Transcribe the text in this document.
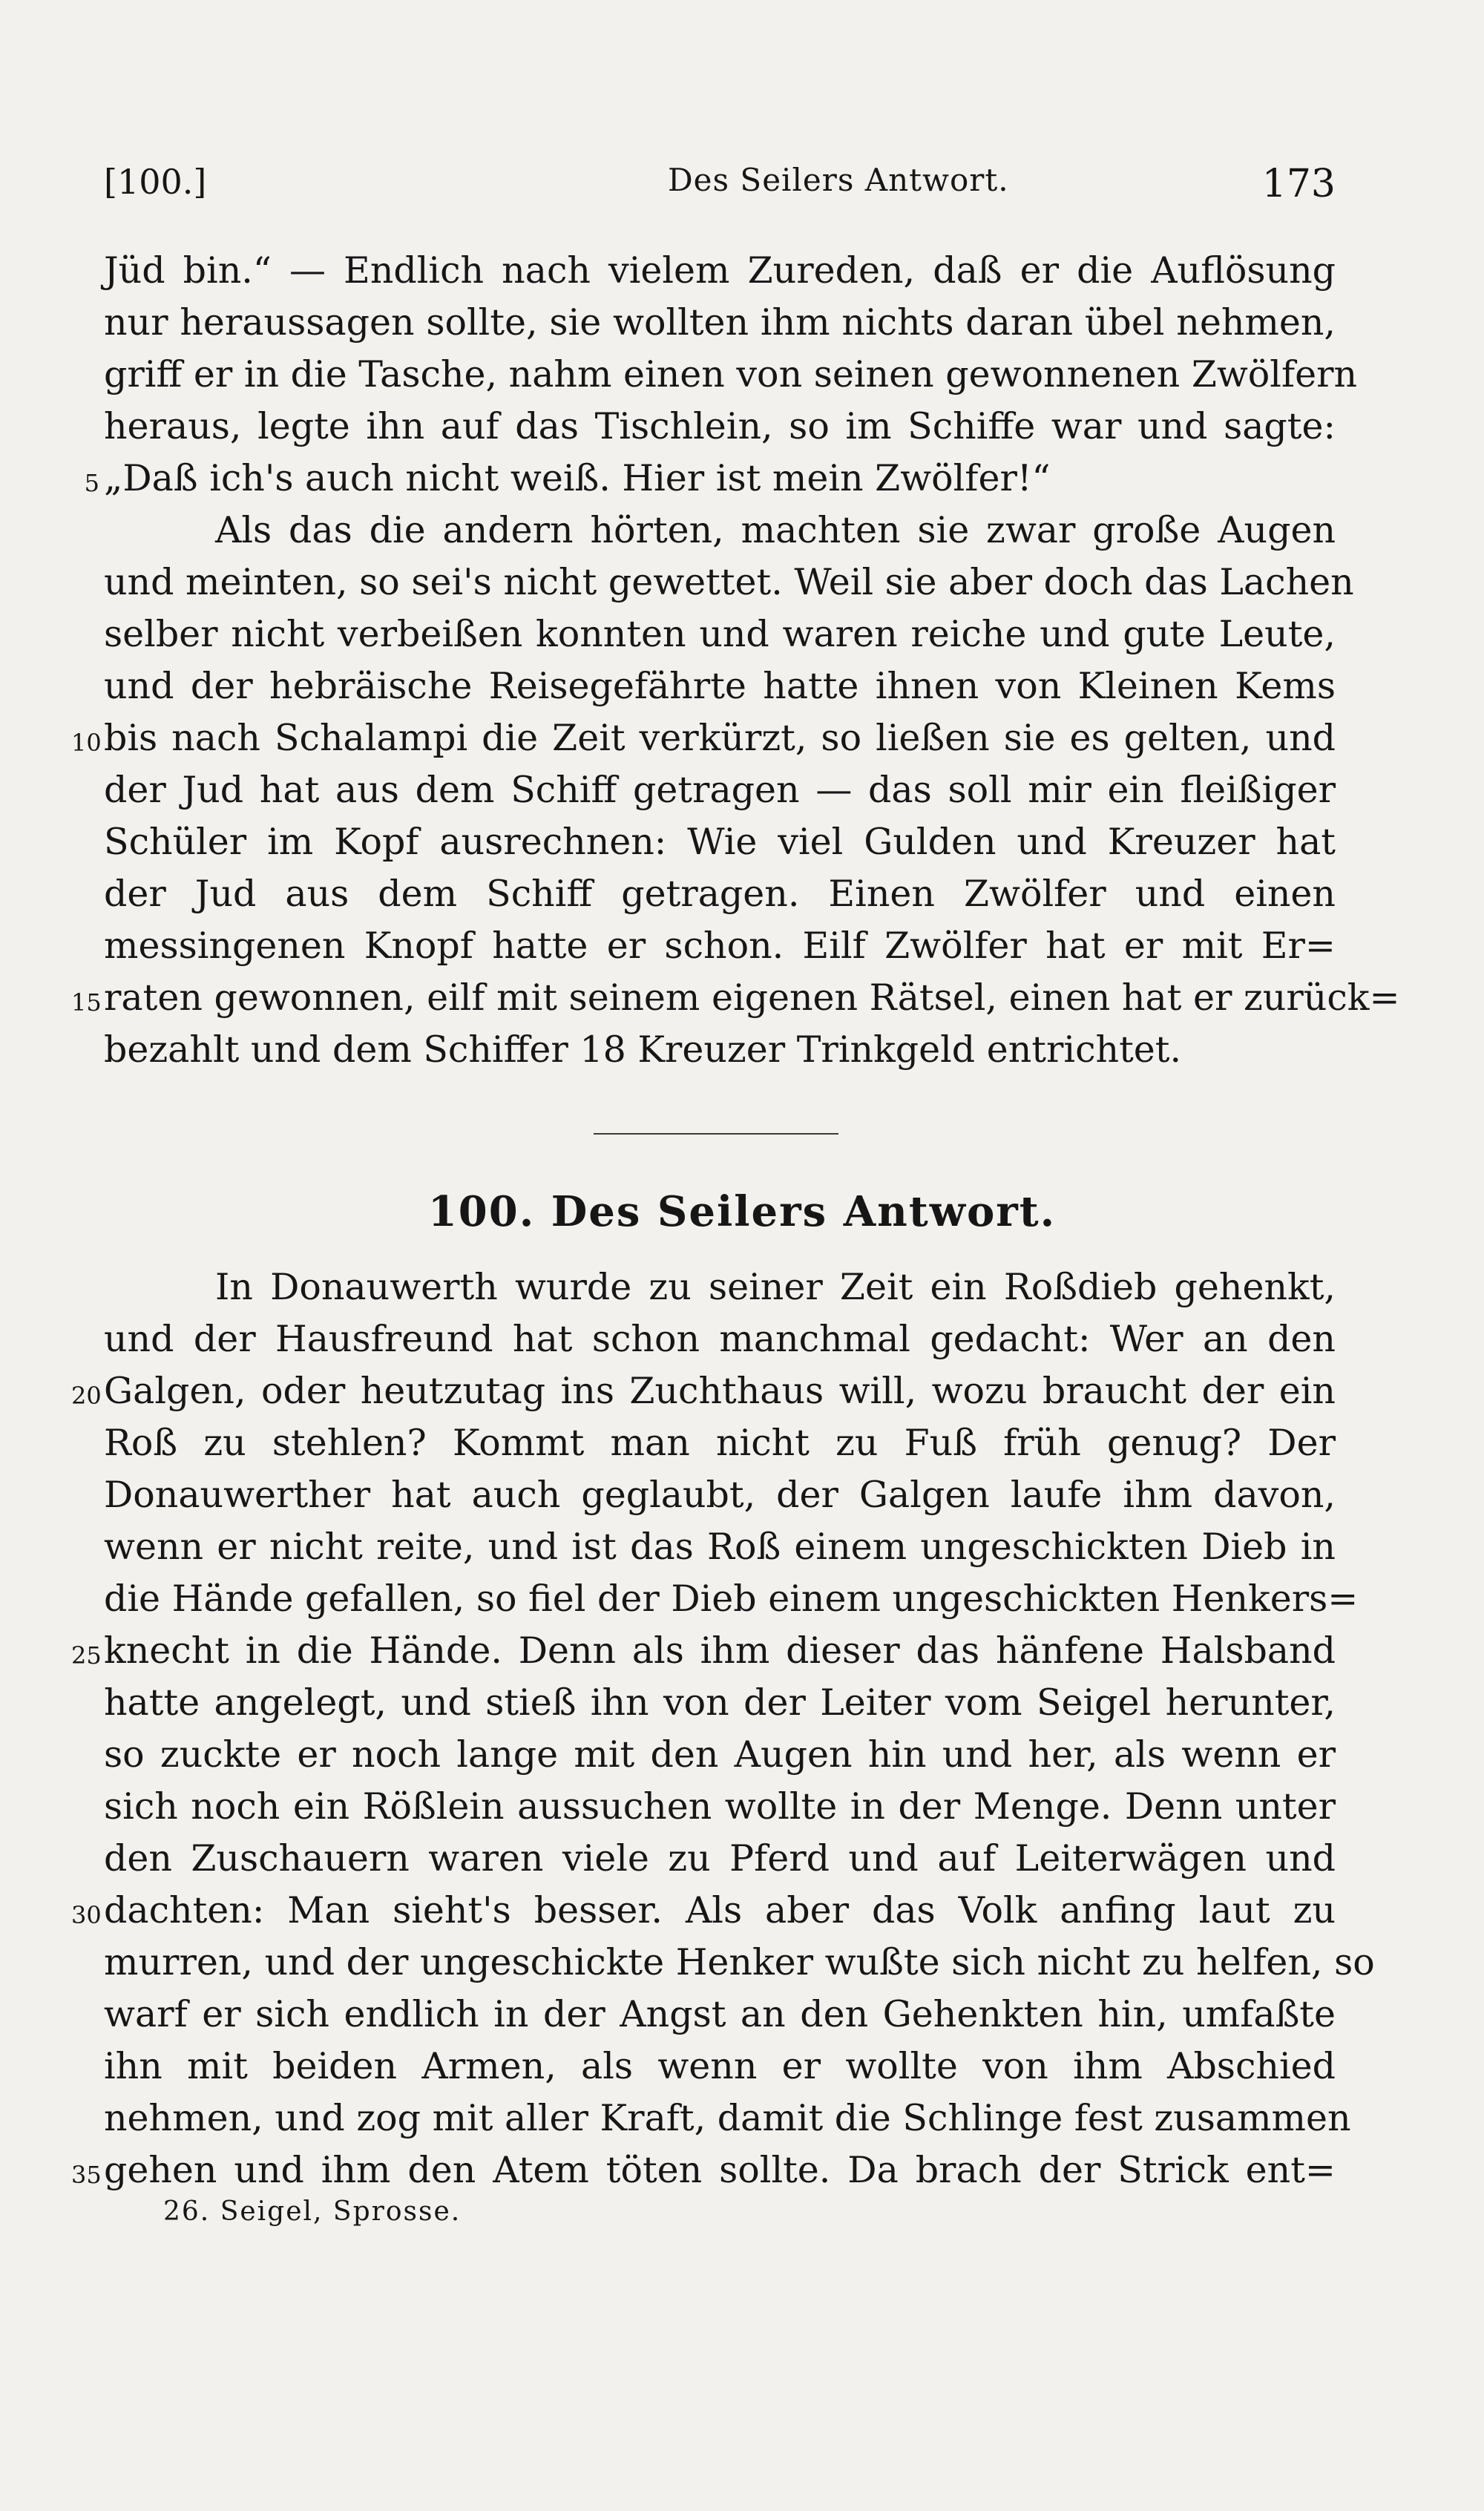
[100.]	Des Seilers Antwort.	173
Jüd bin.“ — Endlich nach vielem Zureden, daß er die Auflösung
nur heraussagen sollte, sie wollten ihm nichts daran übel nehmen,
griff er in die Tasche, nahm einen von seinen gewonnenen Zwölfern
heraus, legte ihn auf das Tischlein, so im Schiffe war und sagte:
5 „Daß ich's auch nicht weiß. Hier ist mein Zwölfer!“
Als das die andern hörten, machten sie zwar große Augen
und meinten, so sei's nicht gewettet. Weil sie aber doch das Lachen
selber nicht verbeißen konnten und waren reiche und gute Leute,
und der hebräische Reisegefährte hatte ihnen von Kleinen Kems
10 bis nach Schalampi die Zeit verkürzt, so ließen sie es gelten, und
der Jud hat aus dem Schiff getragen — das soll mir ein fleißiger
Schüler im Kopf ausrechnen: Wie viel Gulden und Kreuzer hat
der Jud aus dem Schiff getragen. Einen Zwölfer und einen
messingenen Knopf hatte er schon. Eilf Zwölfer hat er mit Er=
15 raten gewonnen, eilf mit seinem eigenen Rätsel, einen hat er zurück=
bezahlt und dem Schiffer 18 Kreuzer Trinkgeld entrichtet.
100. Des Seilers Antwort.
In Donauwerth wurde zu seiner Zeit ein Roßdieb gehenkt,
und der Hausfreund hat schon manchmal gedacht: Wer an den
20 Galgen, oder heutzutag ins Zuchthaus will, wozu braucht der ein
Roß zu stehlen? Kommt man nicht zu Fuß früh genug? Der
Donauwerther hat auch geglaubt, der Galgen laufe ihm davon,
wenn er nicht reite, und ist das Roß einem ungeschickten Dieb in
die Hände gefallen, so fiel der Dieb einem ungeschickten Henkers=
25 knecht in die Hände. Denn als ihm dieser das hänfene Halsband
hatte angelegt, und stieß ihn von der Leiter vom Seigel herunter,
so zuckte er noch lange mit den Augen hin und her, als wenn er
sich noch ein Rößlein aussuchen wollte in der Menge. Denn unter
den Zuschauern waren viele zu Pferd und auf Leiterwägen und
30 dachten: Man sieht's besser. Als aber das Volk anfing laut zu
murren, und der ungeschickte Henker wußte sich nicht zu helfen, so
warf er sich endlich in der Angst an den Gehenkten hin, umfaßte
ihn mit beiden Armen, als wenn er wollte von ihm Abschied
nehmen, und zog mit aller Kraft, damit die Schlinge fest zusammen
35 gehen und ihm den Atem töten sollte. Da brach der Strick ent=
26. Seigel, Sprosse.
